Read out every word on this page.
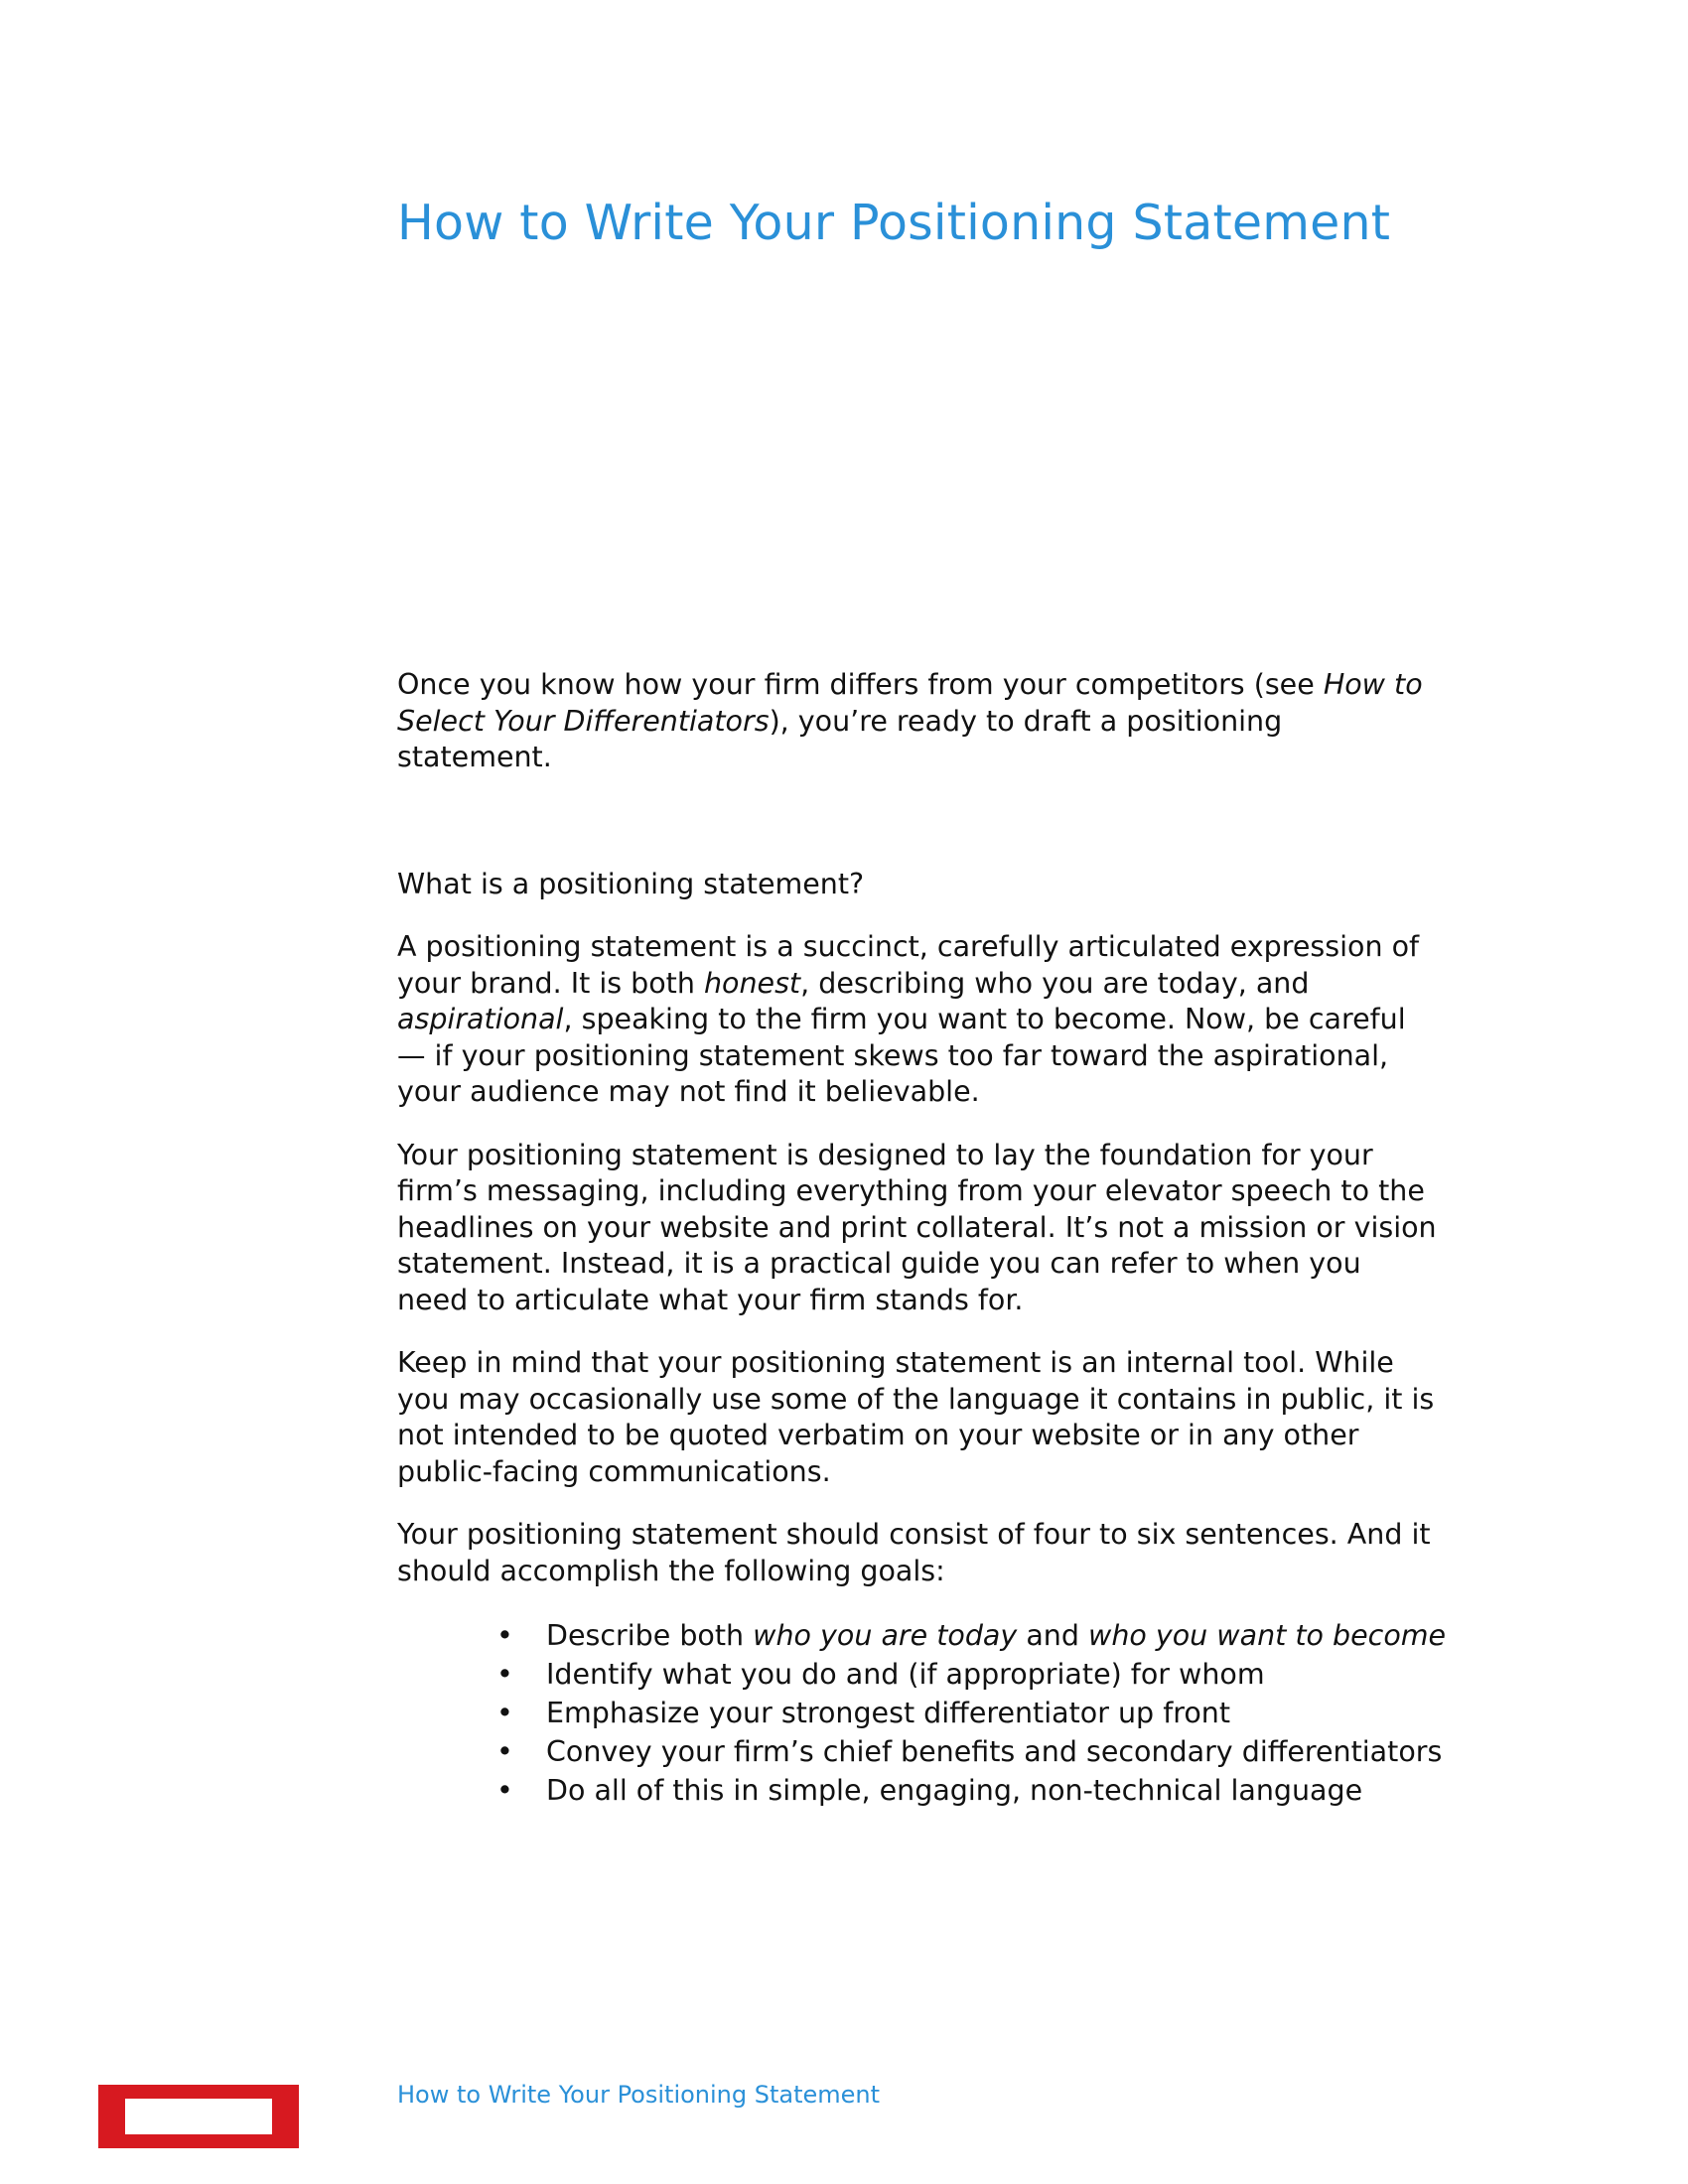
How to Write Your Positioning Statement

Once you know how your firm differs from your competitors (see How to Select Your Differentiators), you’re ready to draft a positioning statement.

What is a positioning statement?

A positioning statement is a succinct, carefully articulated expression of your brand. It is both honest, describing who you are today, and aspirational, speaking to the firm you want to become. Now, be careful — if your positioning statement skews too far toward the aspirational, your audience may not find it believable.

Your positioning statement is designed to lay the foundation for your firm’s messaging, including everything from your elevator speech to the headlines on your website and print collateral. It’s not a mission or vision statement. Instead, it is a practical guide you can refer to when you need to articulate what your firm stands for.

Keep in mind that your positioning statement is an internal tool. While you may occasionally use some of the language it contains in public, it is not intended to be quoted verbatim on your website or in any other public-facing communications.

Your positioning statement should consist of four to six sentences. And it should accomplish the following goals:

• Describe both who you are today and who you want to become
• Identify what you do and (if appropriate) for whom
• Emphasize your strongest differentiator up front
• Convey your firm’s chief benefits and secondary differentiators
• Do all of this in simple, engaging, non-technical language
How to Write Your Positioning Statement
